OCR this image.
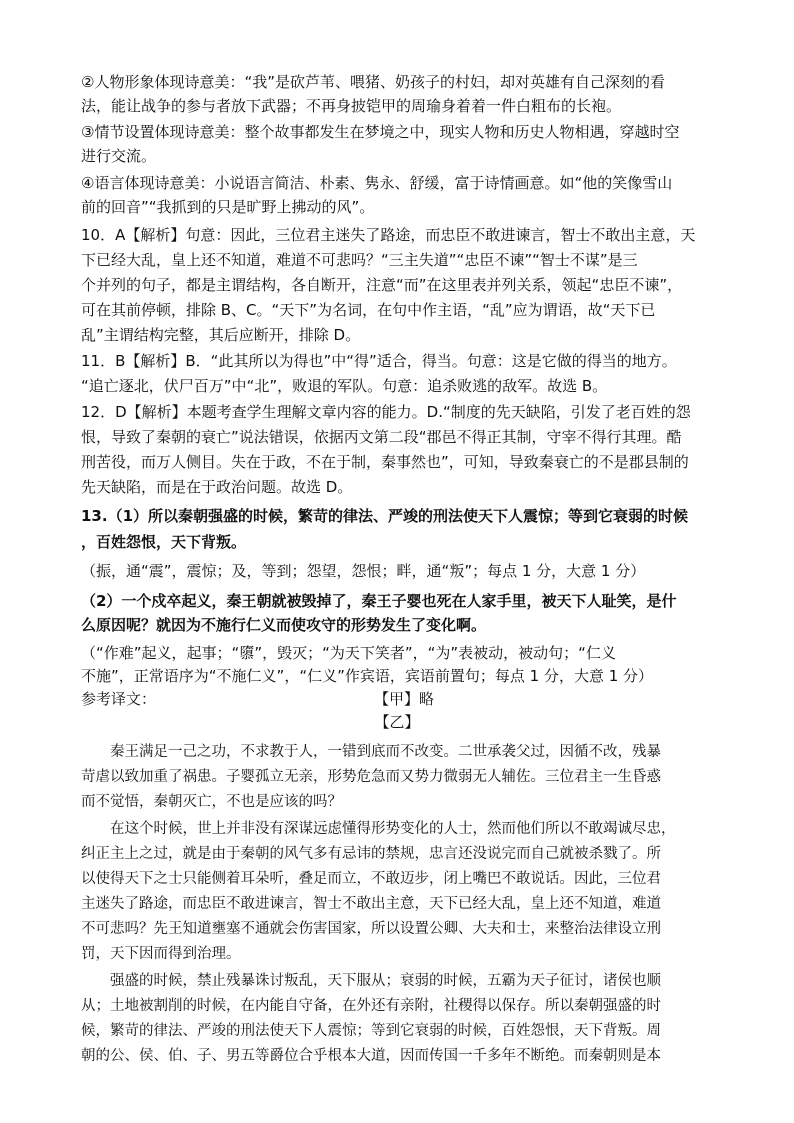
②人物形象体现诗意美：“我”是砍芦苇、喂猪、奶孩子的村妇，却对英雄有自己深刻的看
法，能让战争的参与者放下武器；不再身披铠甲的周瑜身着着一件白粗布的长袍。
③情节设置体现诗意美：整个故事都发生在梦境之中，现实人物和历史人物相遇，穿越时空
进行交流。
④语言体现诗意美：小说语言简洁、朴素、隽永、舒缓，富于诗情画意。如“他的笑像雪山
前的回音”“我抓到的只是旷野上拂动的风”。
10．A【解析】句意：因此，三位君主迷失了路途，而忠臣不敢进谏言，智士不敢出主意，天
下已经大乱，皇上还不知道，难道不可悲吗？“三主失道”“忠臣不谏”“智士不谋”是三
个并列的句子，都是主谓结构，各自断开，注意“而”在这里表并列关系，领起“忠臣不谏”，
可在其前停顿，排除 B、C。“天下”为名词，在句中作主语，“乱”应为谓语，故“天下已
乱”主谓结构完整，其后应断开，排除 D。
11．B【解析】B．“此其所以为得也”中“得”适合，得当。句意：这是它做的得当的地方。
“追亡逐北，伏尸百万”中“北”，败退的军队。句意：追杀败逃的敌军。故选 B。
12．D【解析】本题考查学生理解文章内容的能力。D.“制度的先天缺陷，引发了老百姓的怨
恨，导致了秦朝的衰亡”说法错误，依据丙文第二段“郡邑不得正其制，守宰不得行其理。酷
刑苦役，而万人侧目。失在于政，不在于制，秦事然也”，可知，导致秦衰亡的不是郡县制的
先天缺陷，而是在于政治问题。故选 D。
13.（1）所以秦朝强盛的时候，繁苛的律法、严竣的刑法使天下人震惊；等到它衰弱的时候
，百姓怨恨，天下背叛。
（振，通“震”，震惊；及，等到；怨望，怨恨；畔，通“叛”；每点 1 分，大意 1 分）
（2）一个戍卒起义，秦王朝就被毁掉了，秦王子婴也死在人家手里，被天下人耻笑，是什
么原因呢？就因为不施行仁义而使攻守的形势发生了变化啊。
（“作难”起义，起事；“隳”，毁灭；“为天下笑者”，“为”表被动，被动句；“仁义
不施”，正常语序为“不施仁义”，“仁义”作宾语，宾语前置句；每点 1 分，大意 1 分）
参考译文：	【甲】略
【乙】
　　秦王满足一己之功，不求教于人，一错到底而不改变。二世承袭父过，因循不改，残暴
苛虐以致加重了祸患。子婴孤立无亲，形势危急而又势力微弱无人辅佐。三位君主一生昏惑
而不觉悟，秦朝灭亡，不也是应该的吗？
　　在这个时候，世上并非没有深谋远虑懂得形势变化的人士，然而他们所以不敢竭诚尽忠，
纠正主上之过，就是由于秦朝的风气多有忌讳的禁规，忠言还没说完而自己就被杀戮了。所
以使得天下之士只能侧着耳朵听，叠足而立，不敢迈步，闭上嘴巴不敢说话。因此，三位君
主迷失了路途，而忠臣不敢进谏言，智士不敢出主意，天下已经大乱，皇上还不知道，难道
不可悲吗？先王知道壅塞不通就会伤害国家，所以设置公卿、大夫和士，来整治法律设立刑
罚，天下因而得到治理。
　　强盛的时候，禁止残暴诛讨叛乱，天下服从；衰弱的时候，五霸为天子征讨，诸侯也顺
从；土地被割削的时候，在内能自守备，在外还有亲附，社稷得以保存。所以秦朝强盛的时
候，繁苛的律法、严竣的刑法使天下人震惊；等到它衰弱的时候，百姓怨恨，天下背叛。周
朝的公、侯、伯、子、男五等爵位合乎根本大道，因而传国一千多年不断绝。而秦朝则是本
